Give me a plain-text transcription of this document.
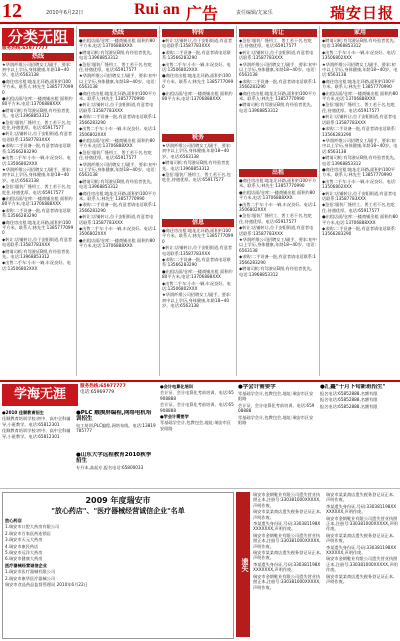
12	2010年6月22日	Rui an 广告	责任编辑/尤家乐	瑞安日报
分类无阻
服务热线:65977777
热线

★华润纤维公司招聘女工/副手、要求:初中以上学历,身体健康,年龄18~40岁。电话:6563138

●商住房出租:地址北环路,面积约100平方米。联系人:林先生 13857770990

●出租店面/仓库:一楼商铺出租 面积约80平方米,电话:13706888XXX

◆聘请司机:有驾驶证B照,有经验者优先。电话:13968853312

◆急招:服装厂缝纫工、普工若干名,包吃住,待遇优厚。电话:65917577

◆转让:店铺转让,位于安阳街道,有意者电话联系:13587783XXX

◆求购:二手设备一批,有意者请电话联系:13566283290

◆出售二手车:小车一辆,车况良好。电话:13506802XXX

★华润纤维公司招聘女工/副手、要求:初中以上学历,身体健康,年龄18~40岁。电话:6563138

◆急招:服装厂缝纫工、普工若干名,包吃住,待遇优厚。电话:65917577

●出租店面/仓库:一楼商铺出租 面积约80平方米,电话:13706888XXX

◆求购:二手设备一批,有意者请电话联系:13566283290

●商住房出租:地址北环路,面积约100平方米。联系人:林先生 13857770990

◆转让:店铺转让,位于安阳街道,有意者电话联系:13587783XXX

◆聘请司机:有驾驶证B照,有经验者优先。电话:13968853312

◆出售二手车:小车一辆,车况良好。电话:13506802XXX

热线

●出租店面/仓库:一楼商铺出租 面积约80平方米,电话:13706888XXX

◆聘请司机:有驾驶证B照,有经验者优先。电话:13968853312

◆急招:服装厂缝纫工、普工若干名,包吃住,待遇优厚。电话:65917577

★华润纤维公司招聘女工/副手、要求:初中以上学历,身体健康,年龄18~40岁。电话:6563138

●商住房出租:地址北环路,面积约100平方米。联系人:林先生 13857770990

◆转让:店铺转让,位于安阳街道,有意者电话联系:13587783XXX

◆求购:二手设备一批,有意者请电话联系:13566283290

◆出售二手车:小车一辆,车况良好。电话:13506802XXX

●出租店面/仓库:一楼商铺出租 面积约80平方米,电话:13706888XXX

◆急招:服装厂缝纫工、普工若干名,包吃住,待遇优厚。电话:65917577

★华润纤维公司招聘女工/副手、要求:初中以上学历,身体健康,年龄18~40岁。电话:6563138

◆聘请司机:有驾驶证B照,有经验者优先。电话:13968853312

●商住房出租:地址北环路,面积约100平方米。联系人:林先生 13857770990

◆求购:二手设备一批,有意者请电话联系:13566283290

◆转让:店铺转让,位于安阳街道,有意者电话联系:13587783XXX

◆出售二手车:小车一辆,车况良好。电话:13506802XXX

●出租店面/仓库:一楼商铺出租 面积约80平方米,电话:13706888XXX

特转

◆转让:店铺转让,位于安阳街道,有意者电话联系:13587783XXX

◆求购:二手设备一批,有意者请电话联系:13566283290

◆出售二手车:小车一辆,车况良好。电话:13506802XXX

●商住房出租:地址北环路,面积约100平方米。联系人:林先生 13857770990

●出租店面/仓库:一楼商铺出租 面积约80平方米,电话:13706888XXX

税务

★华润纤维公司招聘女工/副手、要求:初中以上学历,身体健康,年龄18~40岁。电话:6563138

◆聘请司机:有驾驶证B照,有经验者优先。电话:13968853312

◆急招:服装厂缝纫工、普工若干名,包吃住,待遇优厚。电话:65917577

信息

●商住房出租:地址北环路,面积约100平方米。联系人:林先生 13857770990

◆转让:店铺转让,位于安阳街道,有意者电话联系:13587783XXX

◆求购:二手设备一批,有意者请电话联系:13566283290

●出租店面/仓库:一楼商铺出租 面积约80平方米,电话:13706888XXX

◆出售二手车:小车一辆,车况良好。电话:13506802XXX

★华润纤维公司招聘女工/副手、要求:初中以上学历,身体健康,年龄18~40岁。电话:6563138

转让

◆急招:服装厂缝纫工、普工若干名,包吃住,待遇优厚。电话:65917577

◆转让:店铺转让,位于安阳街道,有意者电话联系:13587783XXX

★华润纤维公司招聘女工/副手、要求:初中以上学历,身体健康,年龄18~40岁。电话:6563138

◆求购:二手设备一批,有意者请电话联系:13566283290

●商住房出租:地址北环路,面积约100平方米。联系人:林先生 13857770990

◆聘请司机:有驾驶证B照,有经验者优先。电话:13968853312

出租

●商住房出租:地址北环路,面积约100平方米。联系人:林先生 13857770990

●出租店面/仓库:一楼商铺出租 面积约80平方米,电话:13706888XXX

◆出售二手车:小车一辆,车况良好。电话:13506802XXX

◆急招:服装厂缝纫工、普工若干名,包吃住,待遇优厚。电话:65917577

◆转让:店铺转让,位于安阳街道,有意者电话联系:13587783XXX

★华润纤维公司招聘女工/副手、要求:初中以上学历,身体健康,年龄18~40岁。电话:6563138

◆求购:二手设备一批,有意者请电话联系:13566283290

◆聘请司机:有驾驶证B照,有经验者优先。电话:13968853312

家用

◆聘请司机:有驾驶证B照,有经验者优先。电话:13968853312

◆出售二手车:小车一辆,车况良好。电话:13506802XXX

★华润纤维公司招聘女工/副手、要求:初中以上学历,身体健康,年龄18~40岁。电话:6563138

●商住房出租:地址北环路,面积约100平方米。联系人:林先生 13857770990

●出租店面/仓库:一楼商铺出租 面积约80平方米,电话:13706888XXX

◆急招:服装厂缝纫工、普工若干名,包吃住,待遇优厚。电话:65917577

◆转让:店铺转让,位于安阳街道,有意者电话联系:13587783XXX

◆求购:二手设备一批,有意者请电话联系:13566283290

★华润纤维公司招聘女工/副手、要求:初中以上学历,身体健康,年龄18~40岁。电话:6563138

◆聘请司机:有驾驶证B照,有经验者优先。电话:13968853312

●商住房出租:地址北环路,面积约100平方米。联系人:林先生 13857770990

◆出售二手车:小车一辆,车况良好。电话:13506802XXX

◆转让:店铺转让,位于安阳街道,有意者电话联系:13587783XXX

◆急招:服装厂缝纫工、普工若干名,包吃住,待遇优厚。电话:65917577

●出租店面/仓库:一楼商铺出租 面积约80平方米,电话:13706888XXX

◆求购:二手设备一批,有意者请电话联系:13566283290

学海无涯
服务热线:65977777
电话:65969779

●2010 佳顺教育招生

佳顺教育培训学校:初中、高中全科辅导,小班教学。电话:65812301

佳顺教育培训学校:初中、高中全科辅导,小班教学。电话:65812301

●PLC 触摸屏编程,网络电机培训招生

电工培训,PLC编程,网络布线。电话:13819785777

●山东大学远程教育2010秋季招生

专升本,高起专,报名电话:65800033

●会计电算化培训

会计证、会计电算化考前培训。电话:65908888

会计证、会计电算化考前培训。电话:65908888

●学会计需要学

零基础学会计,包教包会,地址:瑞安市区安阳路

●学会计需要学

零基础学会计,包教包会,地址:瑞安市区安阳路

会计证、会计电算化考前培训。电话:65908888

零基础学会计,包教包会,地址:瑞安市区安阳路

●汇鑫"十月下旬新班招生"

报名电话:65852888,名额有限

报名电话:65852888,名额有限

报名电话:65852888,名额有限

2009 年度瑞安市
"放心药店"、"医疗器械经营诚信企业"名单

放心药店

1.瑞安市口腔大药房有限公司

2.瑞安市百家医药连锁店

3.瑞安市天元大药房

4.瑞安市康民药店

5.瑞安市远洋大药房

6.瑞安市健康大药房

医疗器械经营诚信企业

1.瑞安市医疗器械有限公司

2.瑞安市康华医疗器械公司

瑞安市食品药品监督管理局 2010年6月22日

遗失

瑞安市金朗鞋业有限公司遗失营业执照正本,注册号:330381000XXXXX,声明作废。

瑞安市某某商店遗失税务登记证正本,声明作废。

李某遗失身份证,号码:330381198XXXXXXXX,声明作废。

瑞安市金朗鞋业有限公司遗失营业执照正本,注册号:330381000XXXXX,声明作废。

瑞安市某某商店遗失税务登记证正本,声明作废。

李某遗失身份证,号码:330381198XXXXXXXX,声明作废。

瑞安市金朗鞋业有限公司遗失营业执照正本,注册号:330381000XXXXX,声明作废。

瑞安市某某商店遗失税务登记证正本,声明作废。

李某遗失身份证,号码:330381198XXXXXXXX,声明作废。

瑞安市金朗鞋业有限公司遗失营业执照正本,注册号:330381000XXXXX,声明作废。

瑞安市某某商店遗失税务登记证正本,声明作废。

李某遗失身份证,号码:330381198XXXXXXXX,声明作废。

瑞安市金朗鞋业有限公司遗失营业执照正本,注册号:330381000XXXXX,声明作废。

瑞安市某某商店遗失税务登记证正本,声明作废。
